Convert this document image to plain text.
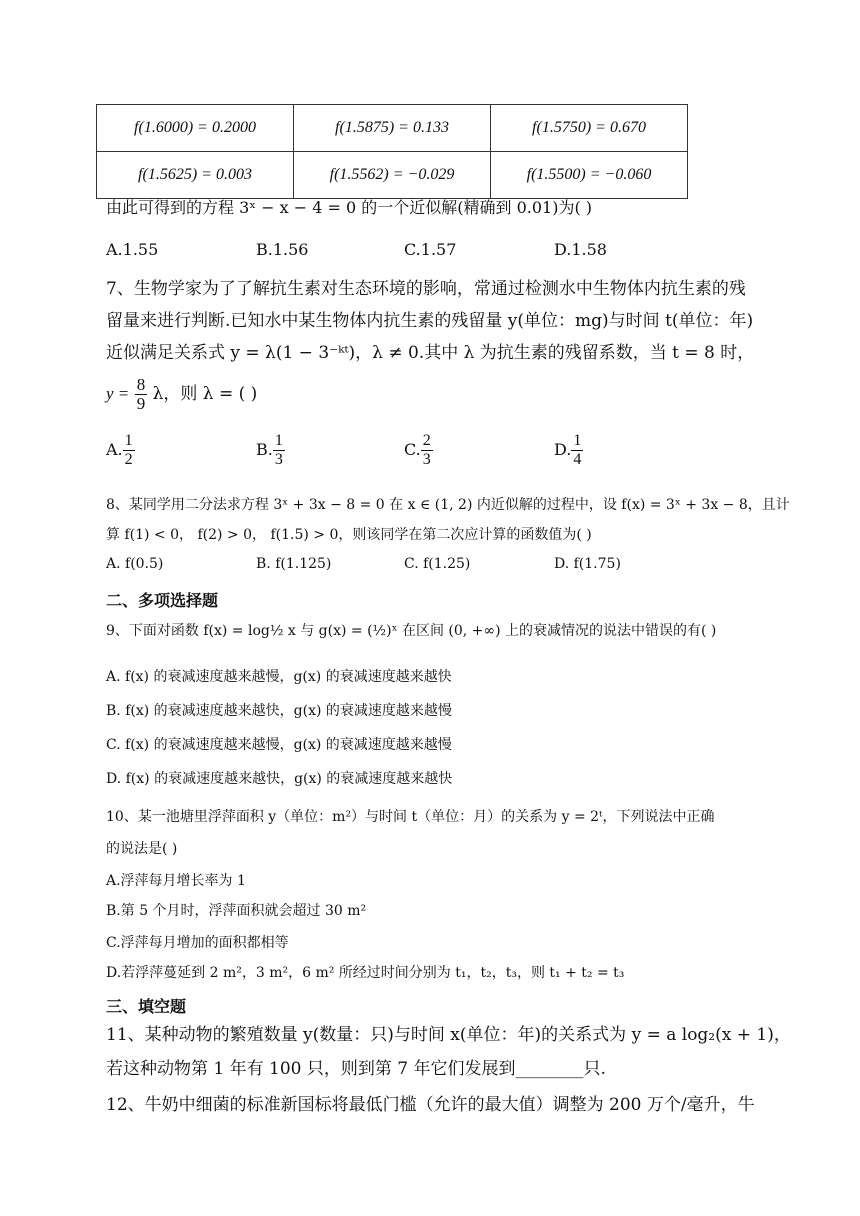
f(1.6000) = 0.2000	f(1.5875) = 0.133	f(1.5750) = 0.670
f(1.5625) = 0.003	f(1.5562) = −0.029	f(1.5500) = −0.060
由此可得到的方程 3ˣ − x − 4 = 0 的一个近似解(精确到 0.01)为( )
A.1.55	B.1.56	C.1.57	D.1.58
7、生物学家为了了解抗生素对生态环境的影响，常通过检测水中生物体内抗生素的残
留量来进行判断.已知水中某生物体内抗生素的残留量 y(单位：mg)与时间 t(单位：年)
近似满足关系式 y = λ(1 − 3⁻ᵏᵗ)，λ ≠ 0.其中 λ 为抗生素的残留系数，当 t = 8 时，
$y = \frac{8}{9}$ λ，则 λ = ( )
A. $\frac{1}{2}$	B. $\frac{1}{3}$	C. $\frac{2}{3}$	D. $\frac{1}{4}$
8、某同学用二分法求方程 3ˣ + 3x − 8 = 0 在 x ∈ (1, 2) 内近似解的过程中，设 f(x) = 3ˣ + 3x − 8，且计
算 f(1) < 0， f(2) > 0， f(1.5) > 0，则该同学在第二次应计算的函数值为( )
A. f(0.5)	B. f(1.125)	C. f(1.25)	D. f(1.75)
二、多项选择题
9、下面对函数 f(x) = log½ x 与 g(x) = (½)ˣ 在区间 (0, +∞) 上的衰减情况的说法中错误的有( )
A. f(x) 的衰减速度越来越慢，g(x) 的衰减速度越来越快
B. f(x) 的衰减速度越来越快，g(x) 的衰减速度越来越慢
C. f(x) 的衰减速度越来越慢，g(x) 的衰减速度越来越慢
D. f(x) 的衰减速度越来越快，g(x) 的衰减速度越来越快
10、某一池塘里浮萍面积 y（单位：m²）与时间 t（单位：月）的关系为 y = 2ᵗ，下列说法中正确
的说法是( )
A.浮萍每月增长率为 1
B.第 5 个月时，浮萍面积就会超过 30 m²
C.浮萍每月增加的面积都相等
D.若浮萍蔓延到 2 m²，3 m²，6 m² 所经过时间分别为 t₁，t₂，t₃，则 t₁ + t₂ = t₃
三、填空题
11、某种动物的繁殖数量 y(数量：只)与时间 x(单位：年)的关系式为 y = a log₂(x + 1)，
若这种动物第 1 年有 100 只，则到第 7 年它们发展到________只.
12、牛奶中细菌的标准新国标将最低门槛（允许的最大值）调整为 200 万个/毫升，牛
